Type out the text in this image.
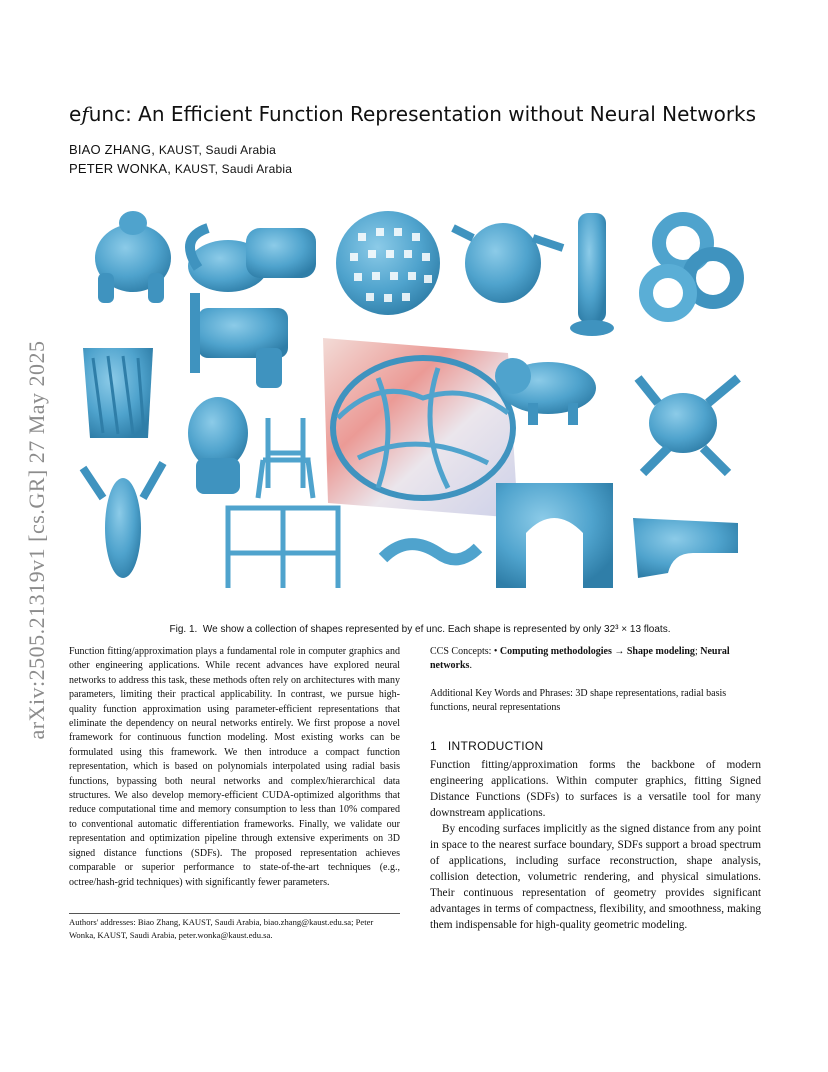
arXiv:2505.21319v1 [cs.GR] 27 May 2025
efunc: An Efficient Function Representation without Neural Networks
BIAO ZHANG, KAUST, Saudi Arabia
PETER WONKA, KAUST, Saudi Arabia
Fig. 1. We show a collection of shapes represented by ef unc. Each shape is represented by only 32³ × 13 floats.
Function fitting/approximation plays a fundamental role in computer graphics and other engineering applications. While recent advances have explored neural networks to address this task, these methods often rely on architectures with many parameters, limiting their practical applicability. In contrast, we pursue high-quality function approximation using parameter-efficient representations that eliminate the dependency on neural networks entirely. We first propose a novel framework for continuous function modeling. Most existing works can be formulated using this framework. We then introduce a compact function representation, which is based on polynomials interpolated using radial basis functions, bypassing both neural networks and complex/hierarchical data structures. We also develop memory-efficient CUDA-optimized algorithms that reduce computational time and memory consumption to less than 10% compared to conventional automatic differentiation frameworks. Finally, we validate our representation and optimization pipeline through extensive experiments on 3D signed distance functions (SDFs). The proposed representation achieves comparable or superior performance to state-of-the-art techniques (e.g., octree/hash-grid techniques) with significantly fewer parameters.
Authors' addresses: Biao Zhang, KAUST, Saudi Arabia, biao.zhang@kaust.edu.sa; Peter Wonka, KAUST, Saudi Arabia, peter.wonka@kaust.edu.sa.
CCS Concepts: • Computing methodologies → Shape modeling; Neural networks.
Additional Key Words and Phrases: 3D shape representations, radial basis functions, neural representations
1 INTRODUCTION

Function fitting/approximation forms the backbone of modern engineering applications. Within computer graphics, fitting Signed Distance Functions (SDFs) to surfaces is a versatile tool for many downstream applications.

By encoding surfaces implicitly as the signed distance from any point in space to the nearest surface boundary, SDFs support a broad spectrum of applications, including surface reconstruction, shape analysis, collision detection, volumetric rendering, and physical simulations. Their continuous representation of geometry provides significant advantages in terms of compactness, flexibility, and smoothness, making them indispensable for high-quality geometric modeling.
